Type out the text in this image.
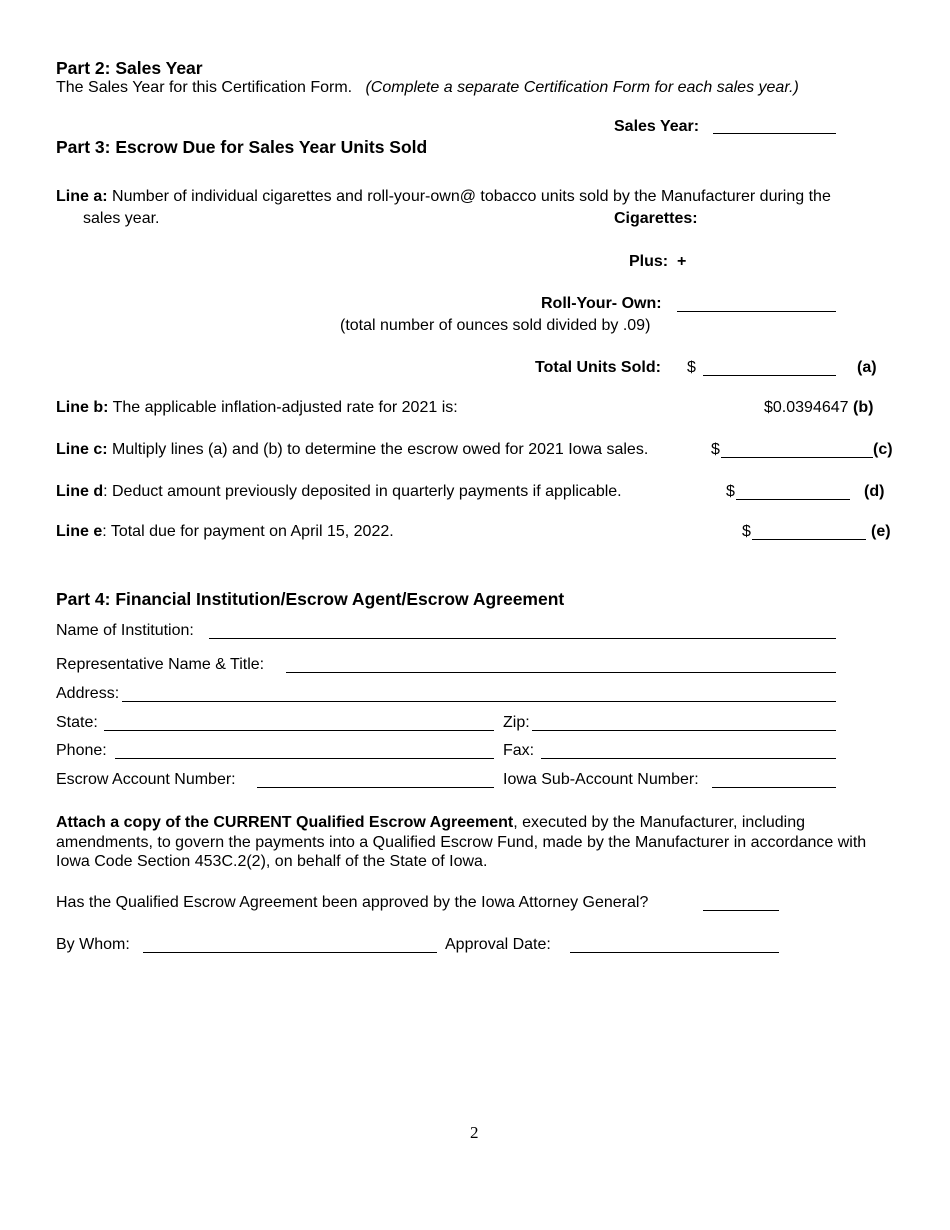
Part 2: Sales Year
The Sales Year for this Certification Form. (Complete a separate Certification Form for each sales year.)
Sales Year:
Part 3: Escrow Due for Sales Year Units Sold
Line a: Number of individual cigarettes and roll-your-own@ tobacco units sold by the Manufacturer during the
sales year.	Cigarettes:
Plus:  +
Roll-Your- Own:
(total number of ounces sold divided by .09)
Total Units Sold: $	(a)
Line b: The applicable inflation-adjusted rate for 2021 is:	$0.0394647 (b)
Line c: Multiply lines (a) and (b) to determine the escrow owed for 2021 Iowa sales.	$	(c)
Line d: Deduct amount previously deposited in quarterly payments if applicable.	$	(d)
Line e: Total due for payment on April 15, 2022.	$	(e)
Part 4: Financial Institution/Escrow Agent/Escrow Agreement
Name of Institution:
Representative Name & Title:
Address:
State:	Zip:
Phone:	Fax:
Escrow Account Number:	Iowa Sub-Account Number:
Attach a copy of the CURRENT Qualified Escrow Agreement, executed by the Manufacturer, including amendments, to govern the payments into a Qualified Escrow Fund, made by the Manufacturer in accordance with Iowa Code Section 453C.2(2), on behalf of the State of Iowa.
Has the Qualified Escrow Agreement been approved by the Iowa Attorney General?
By Whom:	Approval Date:
2
